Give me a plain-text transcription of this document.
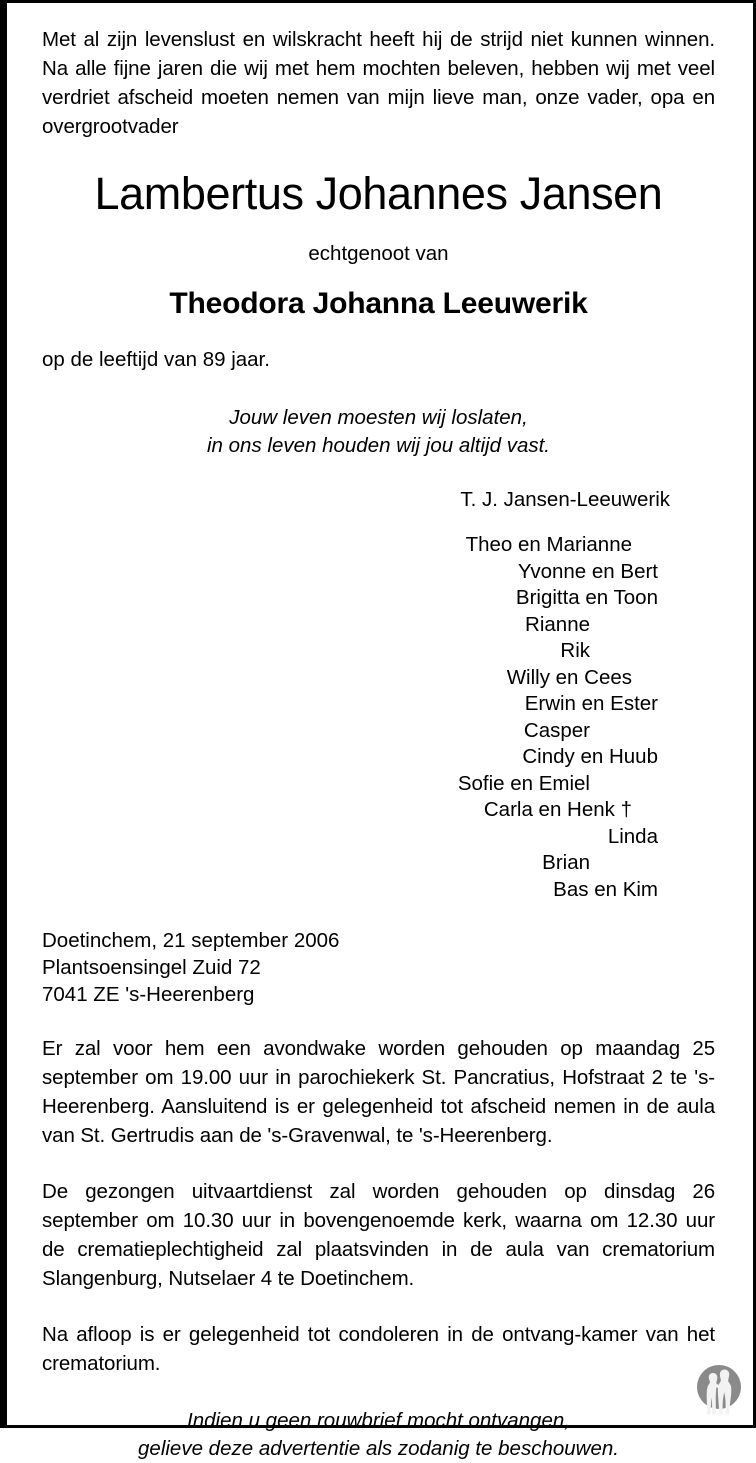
Met al zijn levenslust en wilskracht heeft hij de strijd niet kunnen winnen. Na alle fijne jaren die wij met hem mochten beleven, hebben wij met veel verdriet afscheid moeten nemen van mijn lieve man, onze vader, opa en overgrootvader

Lambertus Johannes Jansen
echtgenoot van
Theodora Johanna Leeuwerik
op de leeftijd van 89 jaar.
Jouw leven moesten wij loslaten,
in ons leven houden wij jou altijd vast.
T. J. Jansen-Leeuwerik
Theo en Marianne
Yvonne en Bert
Brigitta en Toon
Rianne
Rik
Willy en Cees
Erwin en Ester
Casper
Cindy en Huub
Sofie en Emiel
Carla en Henk †
Linda
Brian
Bas en Kim
Doetinchem, 21 september 2006
Plantsoensingel Zuid 72
7041 ZE 's-Heerenberg

Er zal voor hem een avondwake worden gehouden op maandag 25 september om 19.00 uur in parochiekerk St. Pancratius, Hofstraat 2 te 's-Heerenberg. Aansluitend is er gelegenheid tot afscheid nemen in de aula van St. Gertrudis aan de 's-Gravenwal, te 's-Heerenberg.

De gezongen uitvaartdienst zal worden gehouden op dinsdag 26 september om 10.30 uur in bovengenoemde kerk, waarna om 12.30 uur de crematieplechtigheid zal plaatsvinden in de aula van crematorium Slangenburg, Nutselaer 4 te Doetinchem.

Na afloop is er gelegenheid tot condoleren in de ontvang-kamer van het crematorium.

Indien u geen rouwbrief mocht ontvangen,
gelieve deze advertentie als zodanig te beschouwen.
